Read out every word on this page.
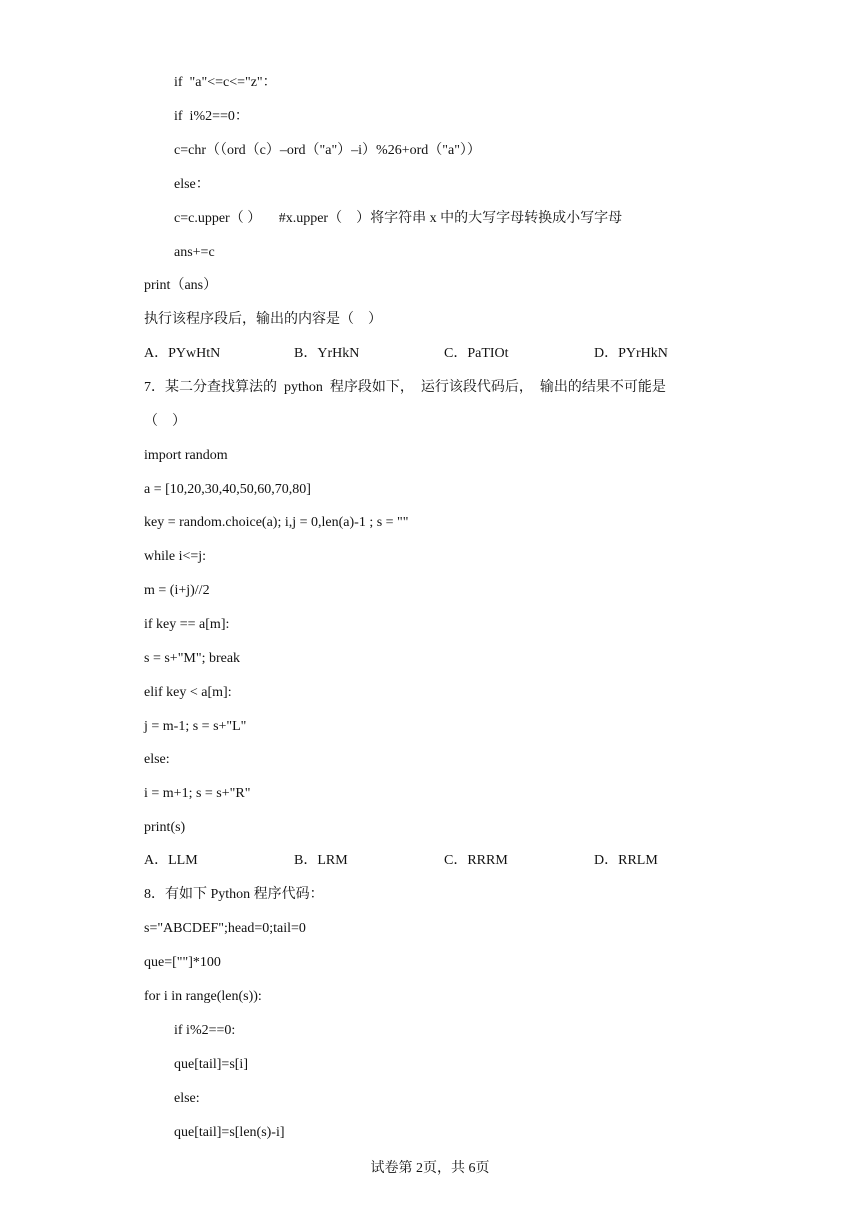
if  "a"<=c<="z"：
if  i%2==0：
c=chr（（ord（c）–ord（"a"）–i）%26+ord（"a"））
else：
c=c.upper（ ）     #x.upper（    ）将字符串 x 中的大写字母转换成小写字母
ans+=c
print（ans）
执行该程序段后，输出的内容是（    ）
A．PYwHtN	B．YrHkN	C．PaTIOt	D．PYrHkN
7．某二分查找算法的  python  程序段如下，  运行该段代码后，  输出的结果不可能是
（    ）
import random
a = [10,20,30,40,50,60,70,80]
key = random.choice(a); i,j = 0,len(a)-1 ; s = ""
while i<=j:
m = (i+j)//2
if key == a[m]:
s = s+"M"; break
elif key < a[m]:
j = m-1; s = s+"L"
else:
i = m+1; s = s+"R"
print(s)
A．LLM	B．LRM	C．RRRM	D．RRLM
8．有如下 Python 程序代码：
s="ABCDEF";head=0;tail=0
que=[""]*100
for i in range(len(s)):
if i%2==0:
que[tail]=s[i]
else:
que[tail]=s[len(s)-i]
试卷第 2页，共 6页
